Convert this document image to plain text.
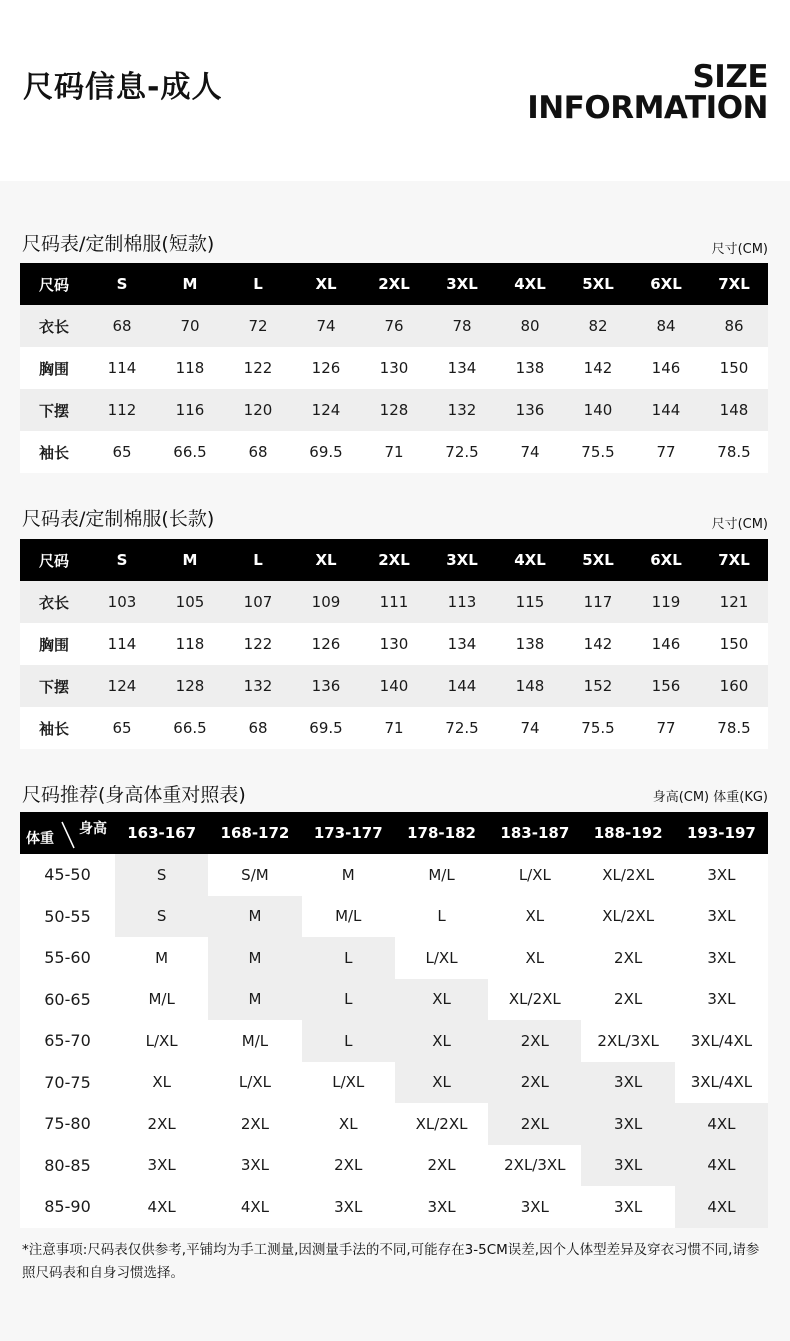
尺码信息-成人	SIZE
INFORMATION
尺码表/定制棉服(短款)	尺寸(CM)
尺码	S	M	L	XL	2XL	3XL	4XL	5XL	6XL	7XL
衣长	68	70	72	74	76	78	80	82	84	86
胸围	114	118	122	126	130	134	138	142	146	150
下摆	112	116	120	124	128	132	136	140	144	148
袖长	65	66.5	68	69.5	71	72.5	74	75.5	77	78.5
尺码表/定制棉服(长款)	尺寸(CM)
尺码	S	M	L	XL	2XL	3XL	4XL	5XL	6XL	7XL
衣长	103	105	107	109	111	113	115	117	119	121
胸围	114	118	122	126	130	134	138	142	146	150
下摆	124	128	132	136	140	144	148	152	156	160
袖长	65	66.5	68	69.5	71	72.5	74	75.5	77	78.5
尺码推荐(身高体重对照表)	身高(CM) 体重(KG)
体重
身高	163-167	168-172	173-177	178-182	183-187	188-192	193-197
45-50	S	S/M	M	M/L	L/XL	XL/2XL	3XL
50-55	S	M	M/L	L	XL	XL/2XL	3XL
55-60	M	M	L	L/XL	XL	2XL	3XL
60-65	M/L	M	L	XL	XL/2XL	2XL	3XL
65-70	L/XL	M/L	L	XL	2XL	2XL/3XL	3XL/4XL
70-75	XL	L/XL	L/XL	XL	2XL	3XL	3XL/4XL
75-80	2XL	2XL	XL	XL/2XL	2XL	3XL	4XL
80-85	3XL	3XL	2XL	2XL	2XL/3XL	3XL	4XL
85-90	4XL	4XL	3XL	3XL	3XL	3XL	4XL
*注意事项:尺码表仅供参考,平铺均为手工测量,因测量手法的不同,可能存在3-5CM误差,因个人体型差异及穿衣习惯不同,请参照尺码表和自身习惯选择。
